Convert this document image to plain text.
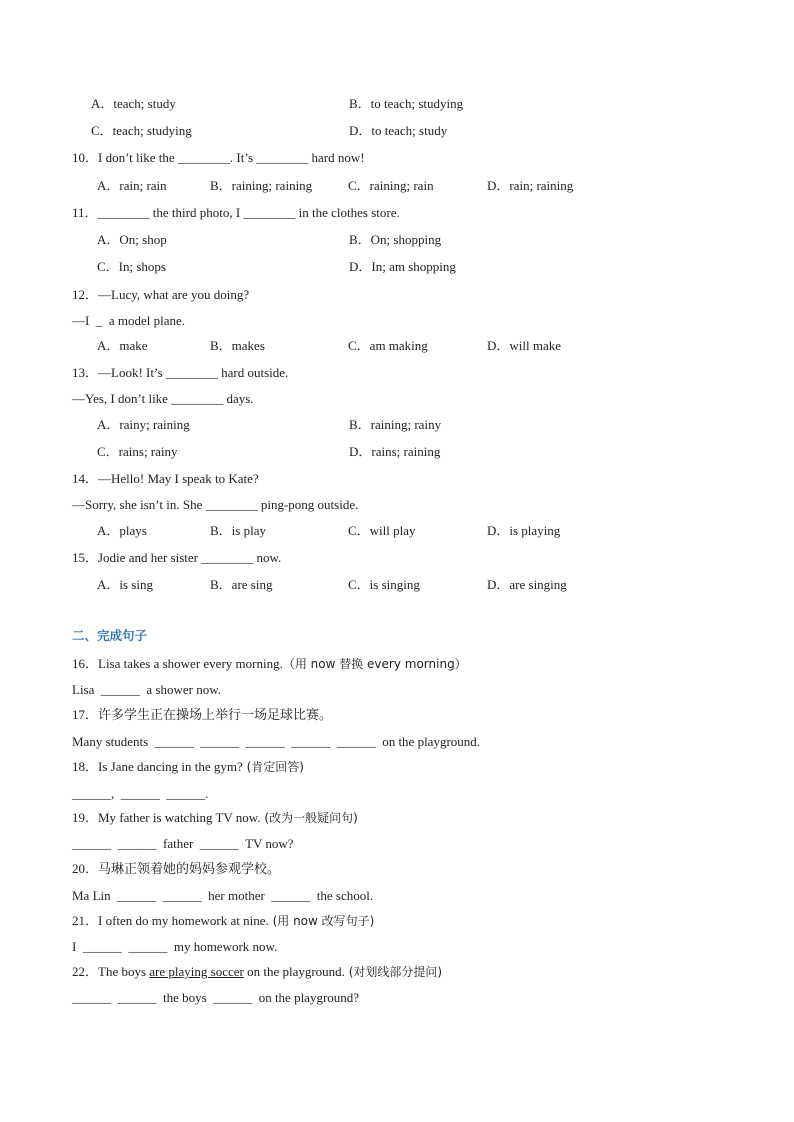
A．teach; study	B．to teach; studying
C．teach; studying	D．to teach; study
10．I don’t like the ________. It’s ________ hard now!
A．rain; rain	B．raining; raining	C．raining; rain	D．rain; raining
11．________ the third photo, I ________ in the clothes store.
A．On; shop	B．On; shopping
C．In; shops	D．In; am shopping
12．—Lucy, what are you doing?
—I  _  a model plane.
A．make	B．makes	C．am making	D．will make
13．—Look! It’s ________ hard outside.
—Yes, I don’t like ________ days.
A．rainy; raining	B．raining; rainy
C．rains; rainy	D．rains; raining
14．—Hello! May I speak to Kate?
—Sorry, she isn’t in. She ________ ping-pong outside.
A．plays	B．is play	C．will play	D．is playing
15．Jodie and her sister ________ now.
A．is sing	B．are sing	C．is singing	D．are singing
二、完成句子
16．Lisa takes a shower every morning.（用 now 替换 every morning）
Lisa  ______  a shower now.
17．许多学生正在操场上举行一场足球比赛。
Many students  ______  ______  ______  ______  ______  on the playground.
18．Is Jane dancing in the gym? (肯定回答)
______,  ______  ______.
19．My father is watching TV now. (改为一般疑问句)
______  ______  father  ______  TV now?
20．马琳正领着她的妈妈参观学校。
Ma Lin  ______  ______  her mother  ______  the school.
21．I often do my homework at nine. (用 now 改写句子)
I  ______  ______  my homework now.
22．The boys are playing soccer on the playground. (对划线部分提问)
______  ______  the boys  ______  on the playground?
